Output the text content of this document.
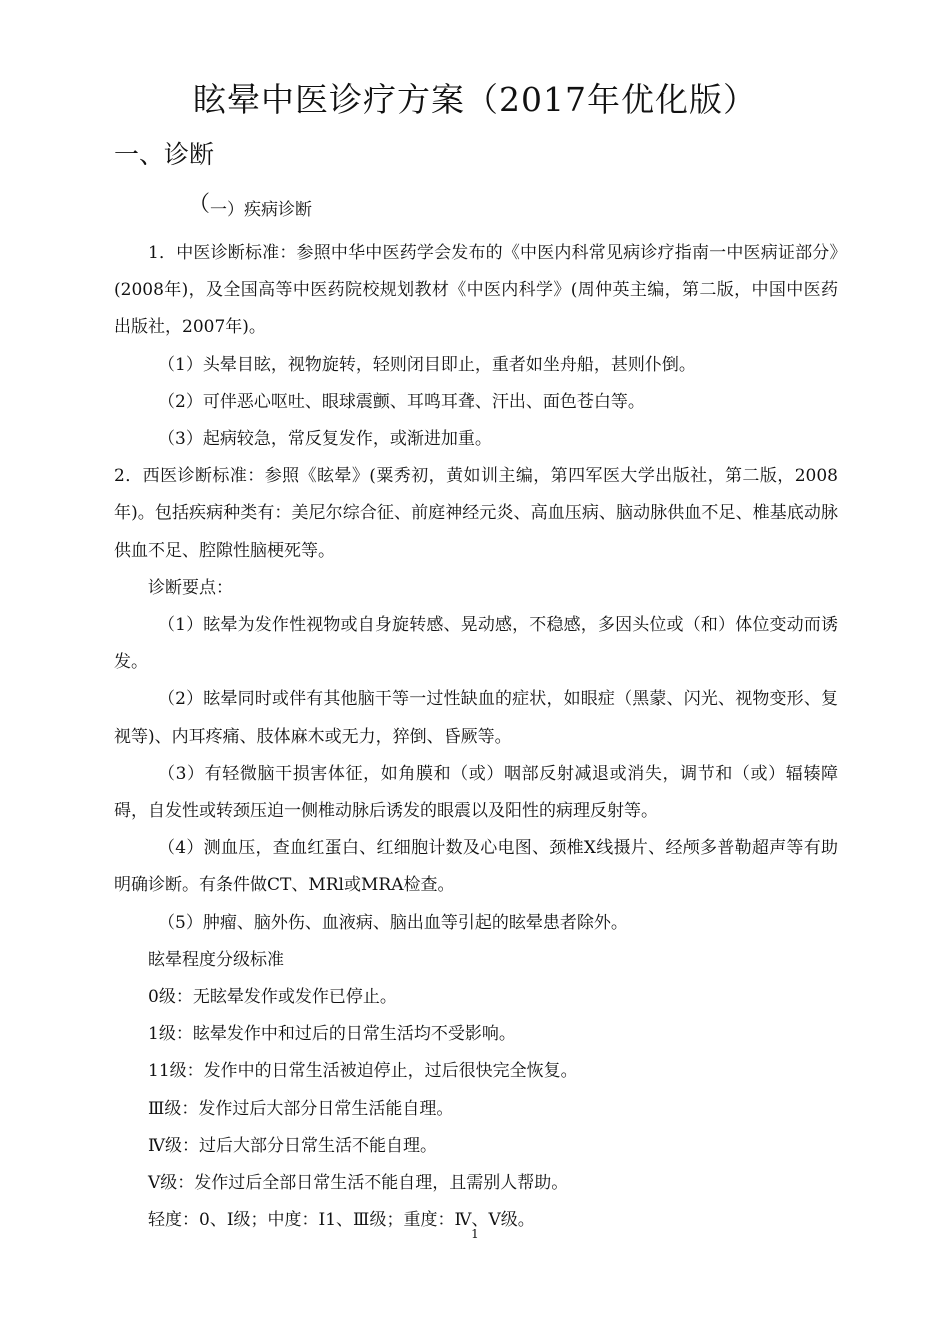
眩晕中医诊疗方案（2017年优化版）
一、诊断
（一）疾病诊断

1．中医诊断标准：参照中华中医药学会发布的《中医内科常见病诊疗指南一中医病证部分》(2008年)，及全国高等中医药院校规划教材《中医内科学》(周仲英主编，第二版，中国中医药出版社，2007年)。

（1）头晕目眩，视物旋转，轻则闭目即止，重者如坐舟船，甚则仆倒。

（2）可伴恶心呕吐、眼球震颤、耳鸣耳聋、汗出、面色苍白等。

（3）起病较急，常反复发作，或渐进加重。

2．西医诊断标准：参照《眩晕》(粟秀初，黄如训主编，第四军医大学出版社，第二版，2008年)。包括疾病种类有：美尼尔综合征、前庭神经元炎、高血压病、脑动脉供血不足、椎基底动脉供血不足、腔隙性脑梗死等。

诊断要点：

（1）眩晕为发作性视物或自身旋转感、晃动感，不稳感，多因头位或（和）体位变动而诱发。

（2）眩晕同时或伴有其他脑干等一过性缺血的症状，如眼症（黑蒙、闪光、视物变形、复视等)、内耳疼痛、肢体麻木或无力，猝倒、昏厥等。

（3）有轻微脑干损害体征，如角膜和（或）咽部反射减退或消失，调节和（或）辐辏障碍，自发性或转颈压迫一侧椎动脉后诱发的眼震以及阳性的病理反射等。

（4）测血压，查血红蛋白、红细胞计数及心电图、颈椎X线摄片、经颅多普勒超声等有助明确诊断。有条件做CT、MRl或MRA检查。

（5）肿瘤、脑外伤、血液病、脑出血等引起的眩晕患者除外。

眩晕程度分级标准

0级：无眩晕发作或发作已停止。

1级：眩晕发作中和过后的日常生活均不受影响。

11级：发作中的日常生活被迫停止，过后很快完全恢复。

Ⅲ级：发作过后大部分日常生活能自理。

Ⅳ级：过后大部分日常生活不能自理。

V级：发作过后全部日常生活不能自理，且需别人帮助。

轻度：0、I级；中度：I1、Ⅲ级；重度：Ⅳ、V级。

1
